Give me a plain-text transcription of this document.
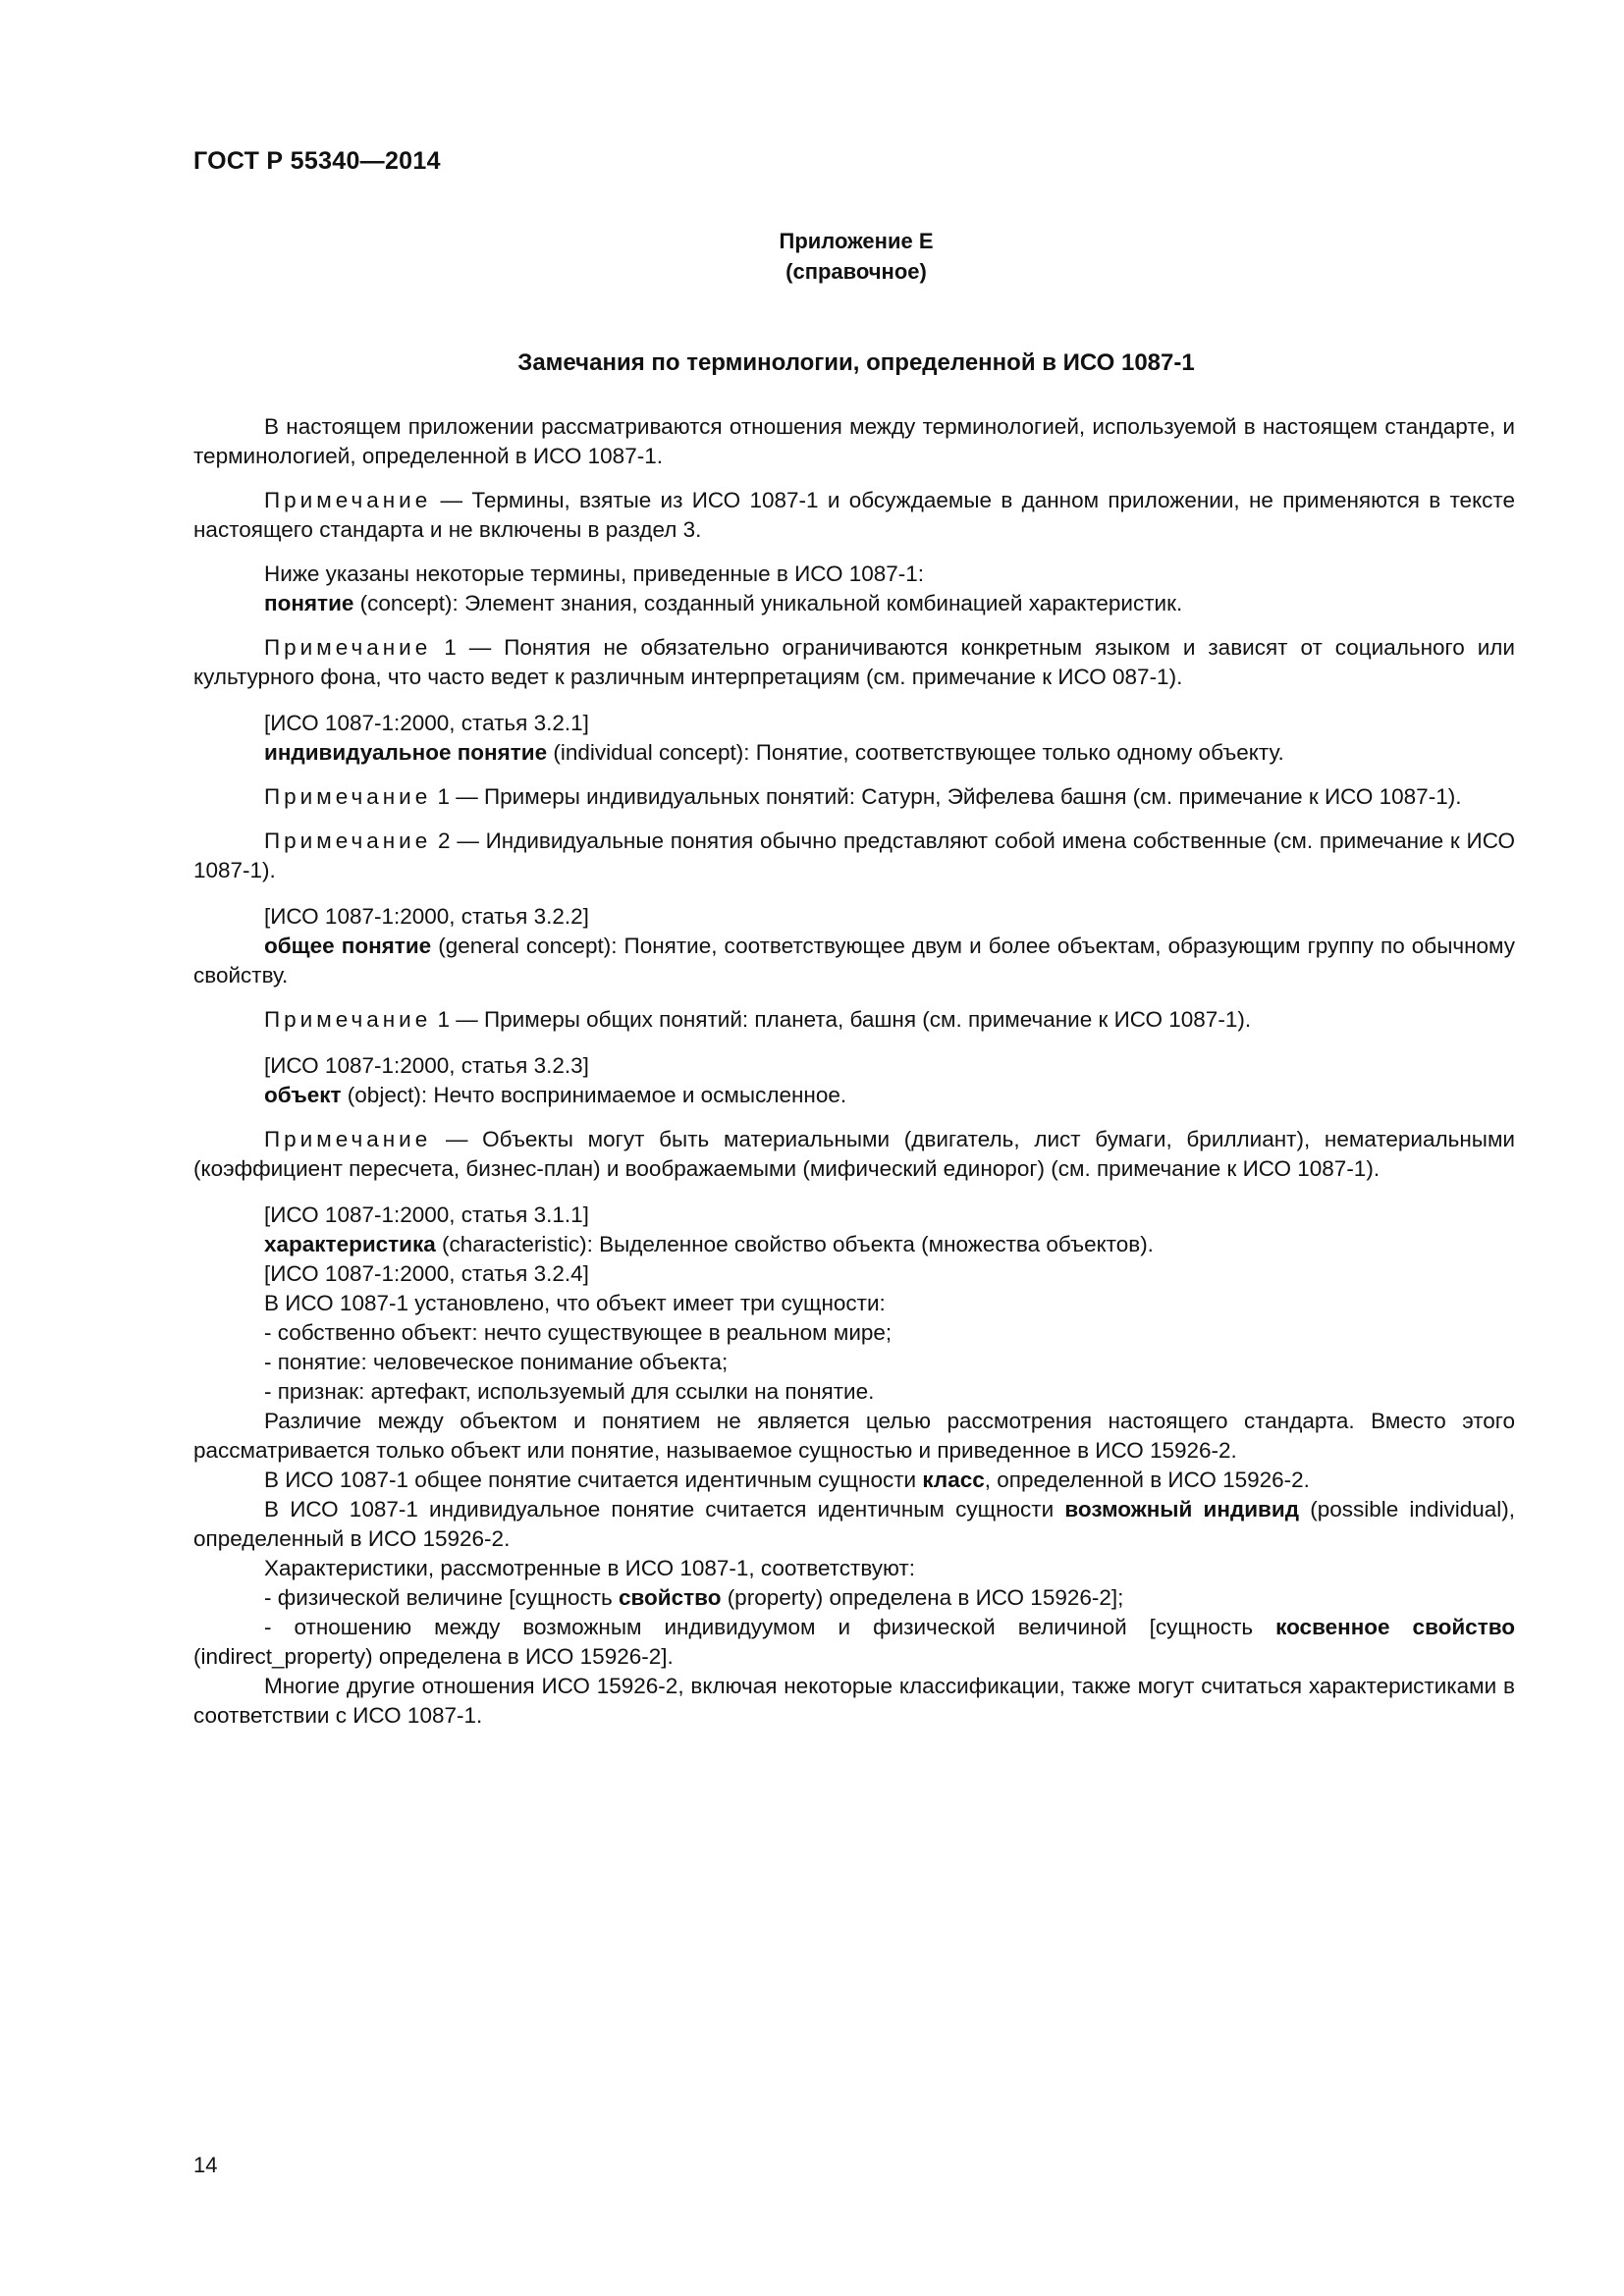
ГОСТ Р 55340—2014
Приложение Е
(справочное)
Замечания по терминологии, определенной в ИСО 1087-1

В настоящем приложении рассматриваются отношения между терминологией, используемой в настоящем стандарте, и терминологией, определенной в ИСО 1087-1.

Примечание — Термины, взятые из ИСО 1087-1 и обсуждаемые в данном приложении, не применяются в тексте настоящего стандарта и не включены в раздел 3.

Ниже указаны некоторые термины, приведенные в ИСО 1087-1:

понятие (concept): Элемент знания, созданный уникальной комбинацией характеристик.

Примечание 1 — Понятия не обязательно ограничиваются конкретным языком и зависят от социального или культурного фона, что часто ведет к различным интерпретациям (см. примечание к ИСО 087-1).

[ИСО 1087-1:2000, статья 3.2.1]

индивидуальное понятие (individual concept): Понятие, соответствующее только одному объекту.

Примечание 1 — Примеры индивидуальных понятий: Сатурн, Эйфелева башня (см. примечание к ИСО 1087-1).

Примечание 2 — Индивидуальные понятия обычно представляют собой имена собственные (см. примечание к ИСО 1087-1).

[ИСО 1087-1:2000, статья 3.2.2]

общее понятие (general concept): Понятие, соответствующее двум и более объектам, образующим группу по обычному свойству.

Примечание 1 — Примеры общих понятий: планета, башня (см. примечание к ИСО 1087-1).

[ИСО 1087-1:2000, статья 3.2.3]

объект (object): Нечто воспринимаемое и осмысленное.

Примечание — Объекты могут быть материальными (двигатель, лист бумаги, бриллиант), нематериальными (коэффициент пересчета, бизнес-план) и воображаемыми (мифический единорог) (см. примечание к ИСО 1087-1).

[ИСО 1087-1:2000, статья 3.1.1]

характеристика (characteristic): Выделенное свойство объекта (множества объектов).

[ИСО 1087-1:2000, статья 3.2.4]

В ИСО 1087-1 установлено, что объект имеет три сущности:

- собственно объект: нечто существующее в реальном мире;

- понятие: человеческое понимание объекта;

- признак: артефакт, используемый для ссылки на понятие.

Различие между объектом и понятием не является целью рассмотрения настоящего стандарта. Вместо этого рассматривается только объект или понятие, называемое сущностью и приведенное в ИСО 15926-2.

В ИСО 1087-1 общее понятие считается идентичным сущности класс, определенной в ИСО 15926-2.

В ИСО 1087-1 индивидуальное понятие считается идентичным сущности возможный индивид (possible individual), определенный в ИСО 15926-2.

Характеристики, рассмотренные в ИСО 1087-1, соответствуют:

- физической величине [сущность свойство (property) определена в ИСО 15926-2];

- отношению между возможным индивидуумом и физической величиной [сущность косвенное свойство (indirect_property) определена в ИСО 15926-2].

Многие другие отношения ИСО 15926-2, включая некоторые классификации, также могут считаться характеристиками в соответствии с ИСО 1087-1.

14
